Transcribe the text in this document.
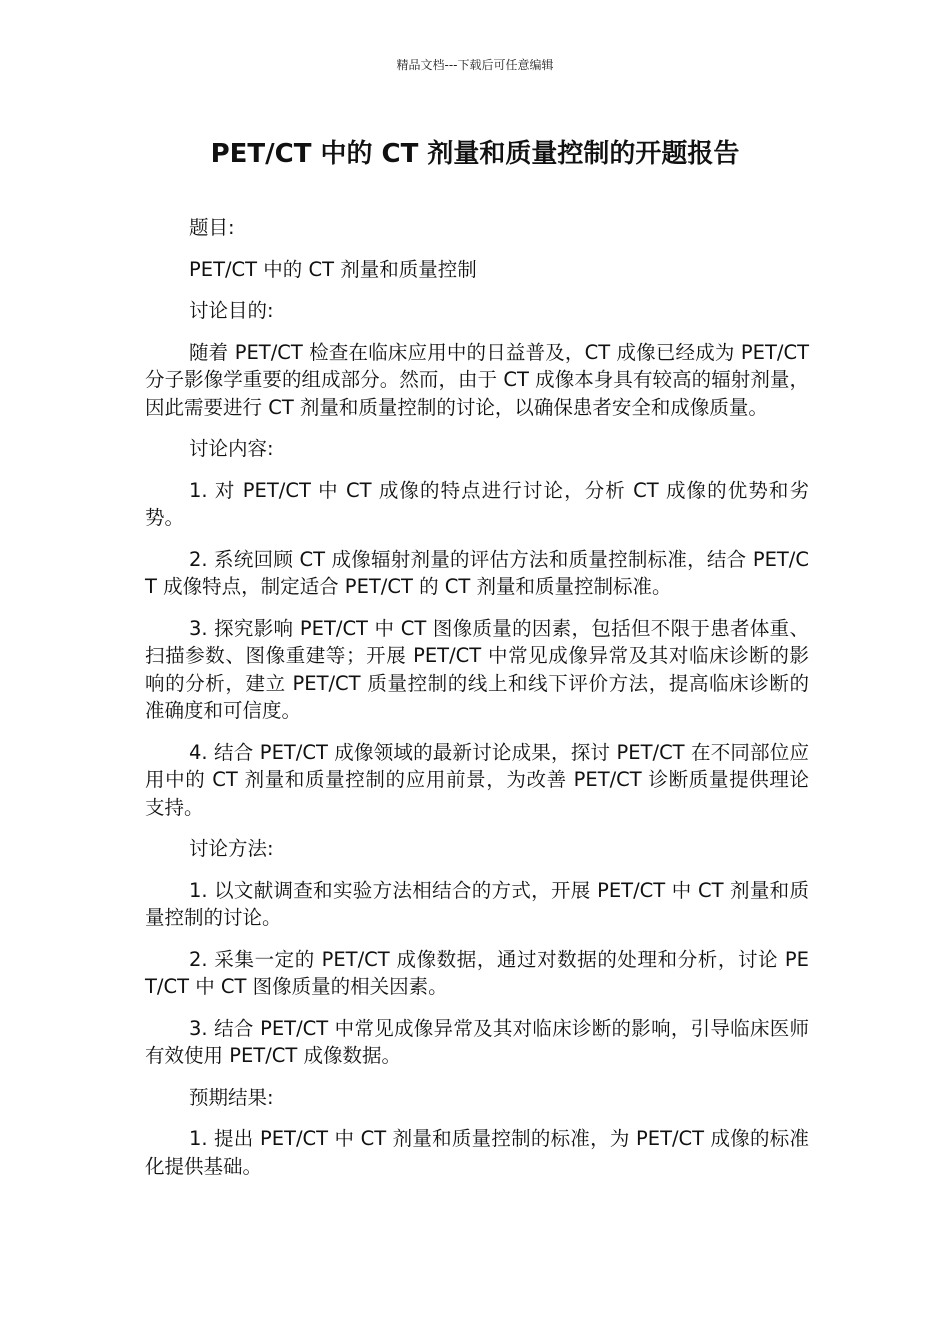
精品文档---下载后可任意编辑
PET/CT 中的 CT 剂量和质量控制的开题报告

题目:

PET/CT 中的 CT 剂量和质量控制

讨论目的:

随着 PET/CT 检查在临床应用中的日益普及，CT 成像已经成为 PET/CT 分子影像学重要的组成部分。然而，由于 CT 成像本身具有较高的辐射剂量，因此需要进行 CT 剂量和质量控制的讨论，以确保患者安全和成像质量。

讨论内容:

1. 对 PET/CT 中 CT 成像的特点进行讨论，分析 CT 成像的优势和劣势。

2. 系统回顾 CT 成像辐射剂量的评估方法和质量控制标准，结合 PET/CT 成像特点，制定适合 PET/CT 的 CT 剂量和质量控制标准。

3. 探究影响 PET/CT 中 CT 图像质量的因素，包括但不限于患者体重、扫描参数、图像重建等；开展 PET/CT 中常见成像异常及其对临床诊断的影响的分析，建立 PET/CT 质量控制的线上和线下评价方法，提高临床诊断的准确度和可信度。

4. 结合 PET/CT 成像领域的最新讨论成果，探讨 PET/CT 在不同部位应用中的 CT 剂量和质量控制的应用前景，为改善 PET/CT 诊断质量提供理论支持。

讨论方法:

1. 以文献调查和实验方法相结合的方式，开展 PET/CT 中 CT 剂量和质量控制的讨论。

2. 采集一定的 PET/CT 成像数据，通过对数据的处理和分析，讨论 PET/CT 中 CT 图像质量的相关因素。

3. 结合 PET/CT 中常见成像异常及其对临床诊断的影响，引导临床医师有效使用 PET/CT 成像数据。

预期结果:

1. 提出 PET/CT 中 CT 剂量和质量控制的标准，为 PET/CT 成像的标准化提供基础。
